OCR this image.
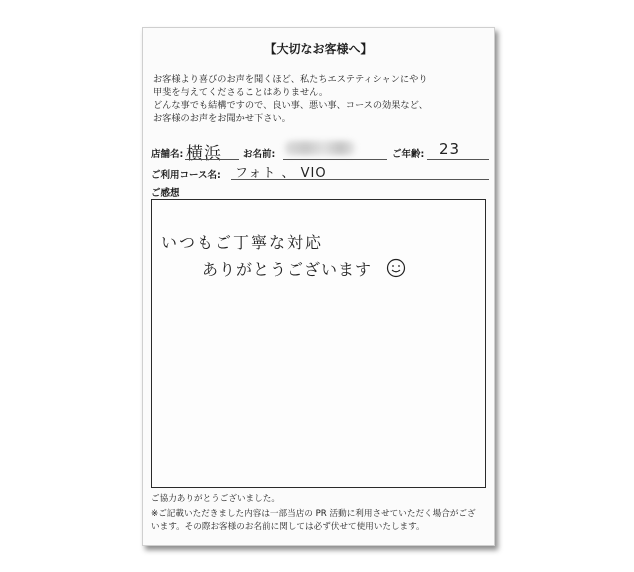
【大切なお客様へ】
お客様より喜びのお声を聞くほど、私たちエステティシャンにやり
甲斐を与えてくださることはありません。
どんな事でも結構ですので、良い事、悪い事、コースの効果など、
お客様のお声をお聞かせ下さい。
店舗名: 横浜 お名前:	ご年齢: 23
ご利用コース名: フォト 、 VIO
ご感想
いつもご丁寧な対応
ありがとうございます
ご協力ありがとうございました。
※ご記載いただきました内容は一部当店の PR 活動に利用させていただく場合がござ
います。その際お客様のお名前に関しては必ず伏せて使用いたします。
